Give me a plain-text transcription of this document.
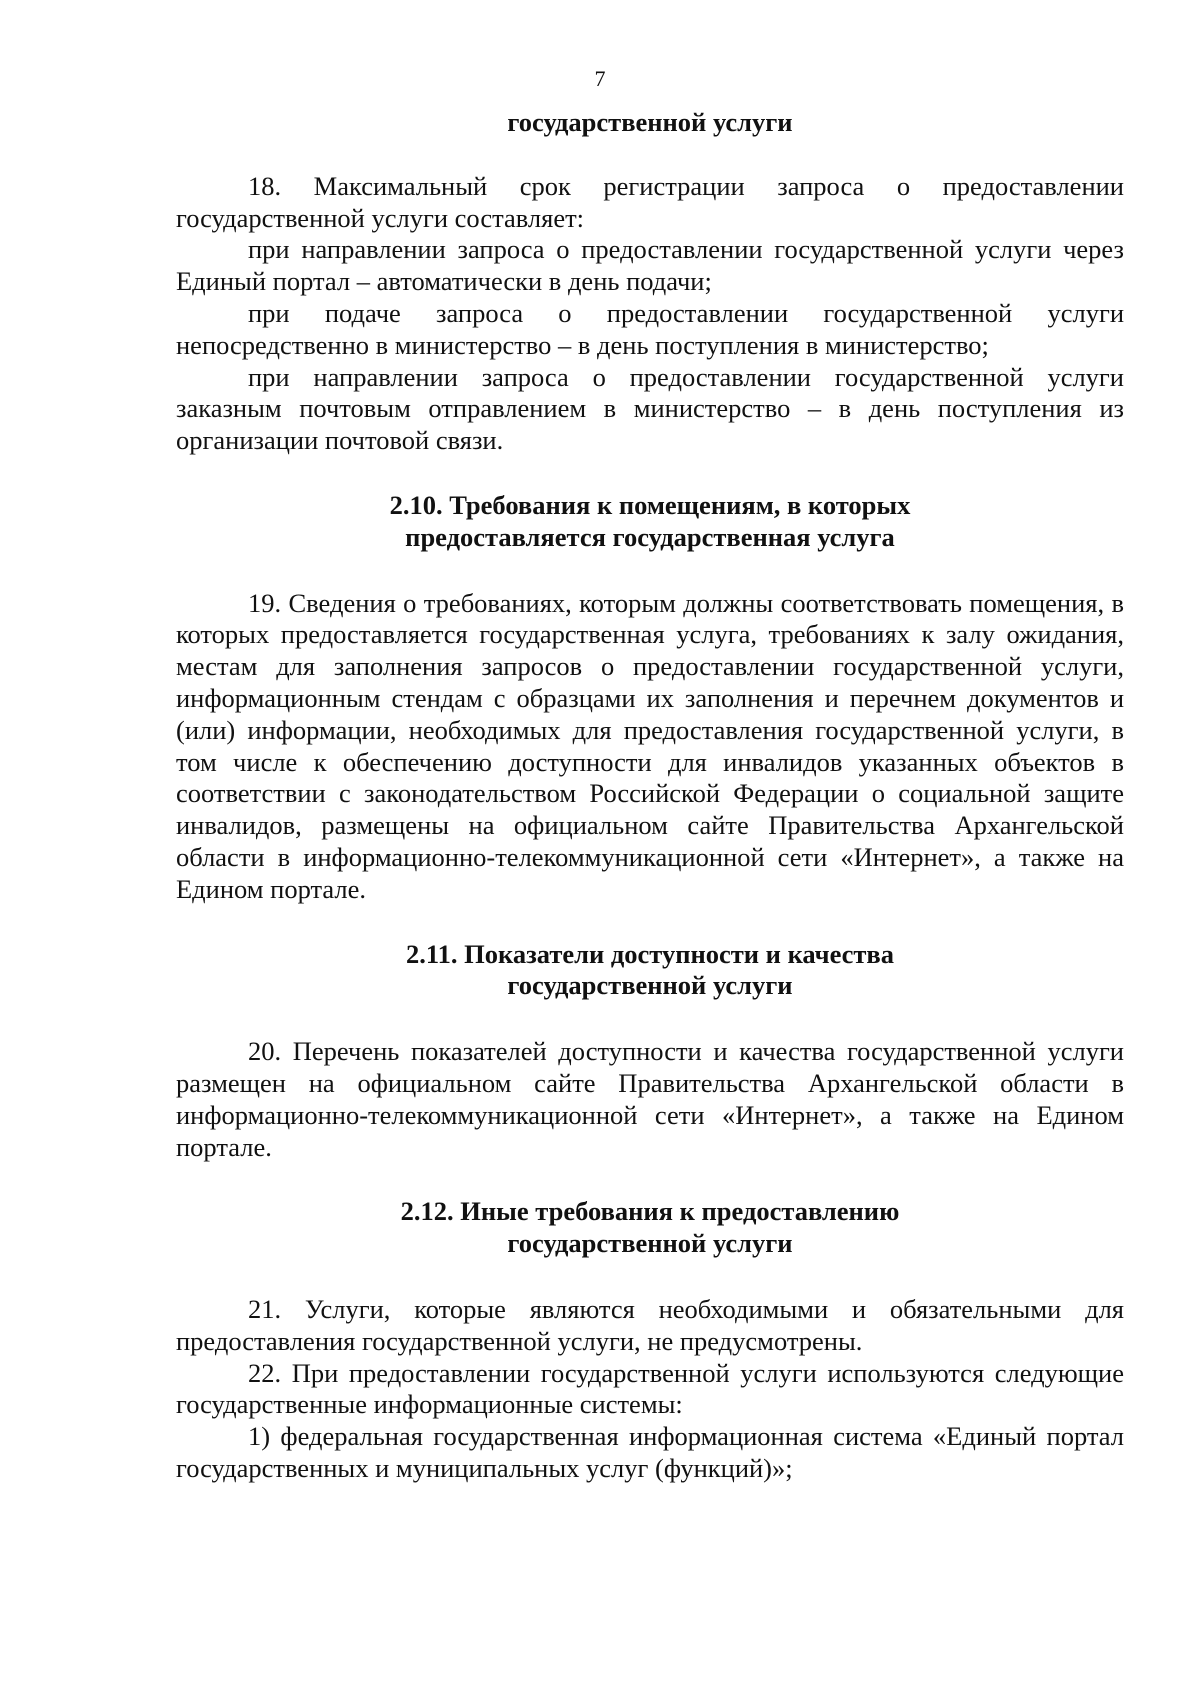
7

государственной услуги

18. Максимальный срок регистрации запроса о предоставлении государственной услуги составляет:

при направлении запроса о предоставлении государственной услуги через Единый портал – автоматически в день подачи;

при подаче запроса о предоставлении государственной услуги непосредственно в министерство – в день поступления в министерство;

при направлении запроса о предоставлении государственной услуги заказным почтовым отправлением в министерство – в день поступления из организации почтовой связи.

2.10. Требования к помещениям, в которых

предоставляется государственная услуга

19. Сведения о требованиях, которым должны соответствовать помещения, в которых предоставляется государственная услуга, требованиях к залу ожидания, местам для заполнения запросов о предоставлении государственной услуги, информационным стендам с образцами их заполнения и перечнем документов и (или) информации, необходимых для предоставления государственной услуги, в том числе к обеспечению доступности для инвалидов указанных объектов в соответствии с законодательством Российской Федерации о социальной защите инвалидов, размещены на официальном сайте Правительства Архангельской области в информационно-телекоммуникационной сети «Интернет», а также на Едином портале.

2.11. Показатели доступности и качества

государственной услуги

20. Перечень показателей доступности и качества государственной услуги размещен на официальном сайте Правительства Архангельской области в информационно-телекоммуникационной сети «Интернет», а также на Едином портале.

2.12. Иные требования к предоставлению

государственной услуги

21. Услуги, которые являются необходимыми и обязательными для предоставления государственной услуги, не предусмотрены.

22. При предоставлении государственной услуги используются следующие государственные информационные системы:

1) федеральная государственная информационная система «Единый портал государственных и муниципальных услуг (функций)»;
